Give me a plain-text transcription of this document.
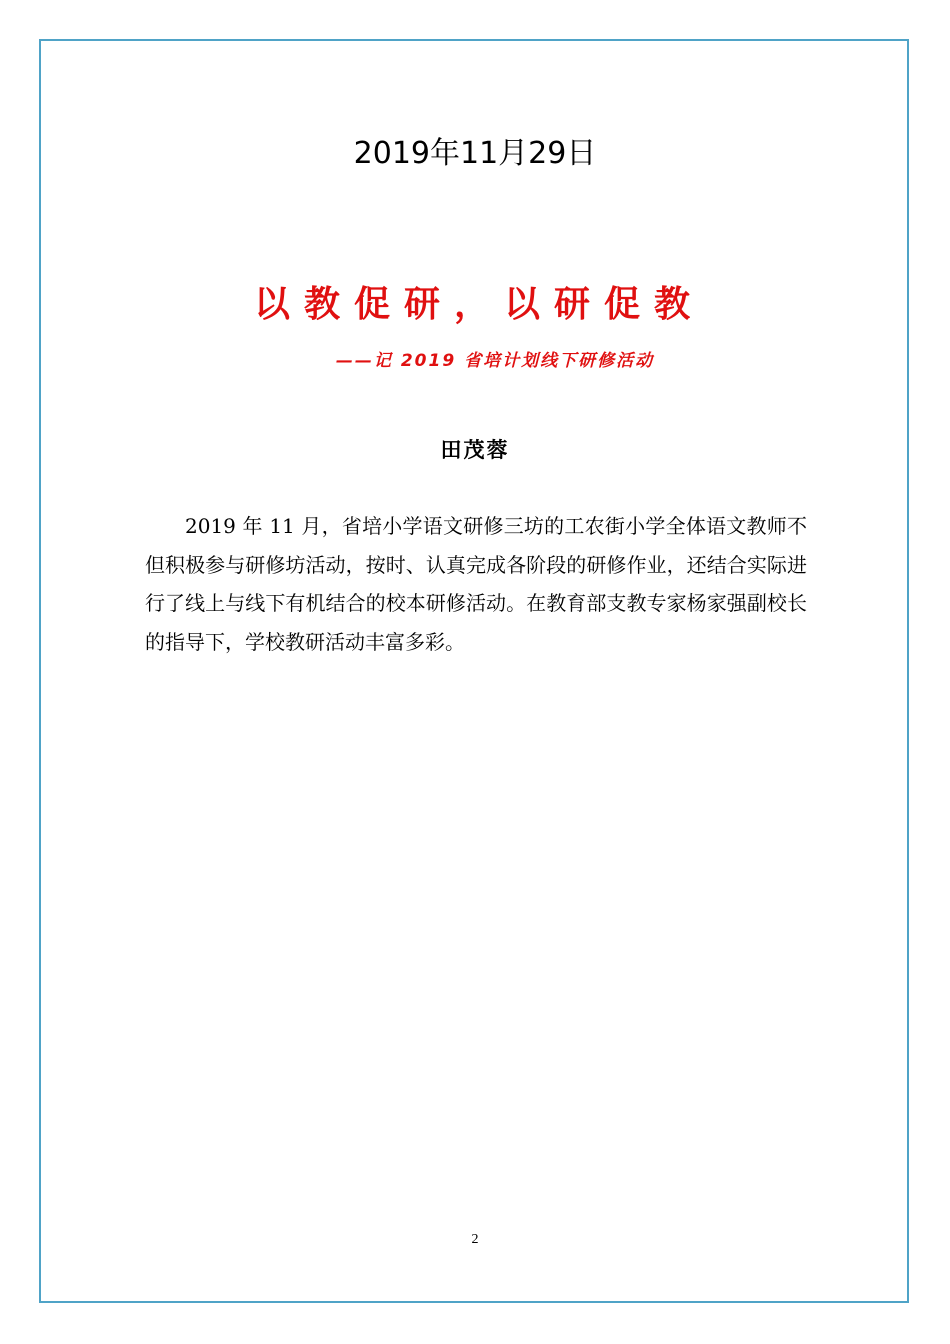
2019年11月29日
以教促研，以研促教
——记 2019 省培计划线下研修活动
田茂蓉

2019 年 11 月，省培小学语文研修三坊的工农街小学全体语文教师不但积极参与研修坊活动，按时、认真完成各阶段的研修作业，还结合实际进行了线上与线下有机结合的校本研修活动。在教育部支教专家杨家强副校长的指导下，学校教研活动丰富多彩。

2
